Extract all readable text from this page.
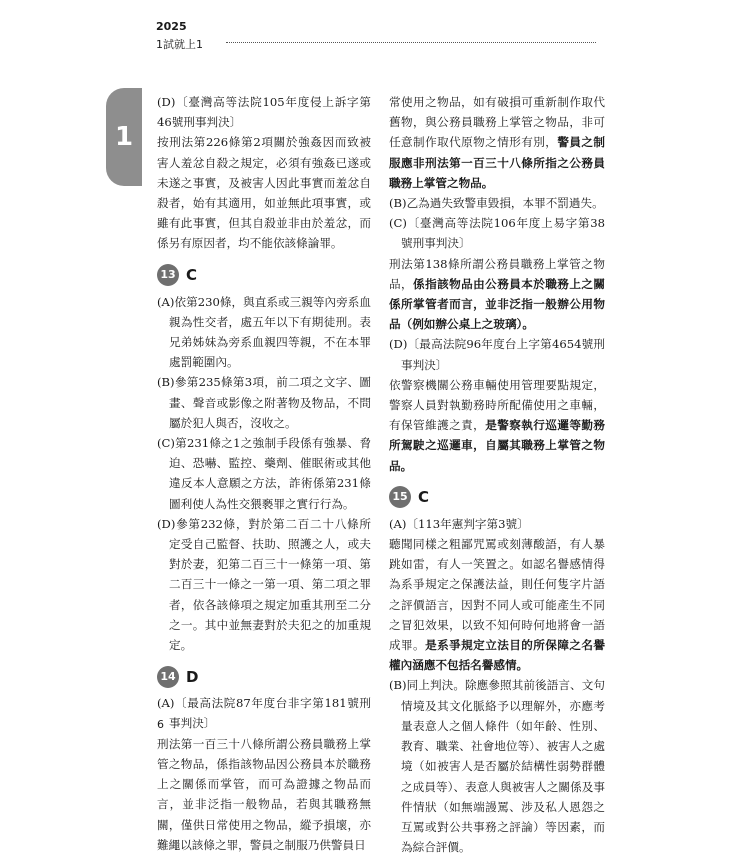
2025
1試就上1
1

(D)〔臺灣高等法院105年度侵上訴字第46號刑事判決〕

按刑法第226條第2項關於強姦因而致被害人羞忿自殺之規定，必須有強姦已遂或未遂之事實，及被害人因此事實而羞忿自殺者，始有其適用，如並無此項事實，或雖有此事實，但其自殺並非由於羞忿，而係另有原因者，均不能依該條論罪。

13 C

(A)依第230條，與直系或三親等內旁系血親為性交者，處五年以下有期徒刑。表兄弟姊妹為旁系血親四等親，不在本罪處罰範圍內。

(B)參第235條第3項，前二項之文字、圖畫、聲音或影像之附著物及物品，不問屬於犯人與否，沒收之。

(C)第231條之1之強制手段係有強暴、脅迫、恐嚇、監控、藥劑、催眠術或其他違反本人意願之方法，詐術係第231條圖利使人為性交猥褻罪之實行行為。

(D)參第232條，對於第二百二十八條所定受自己監督、扶助、照護之人，或夫對於妻，犯第二百三十一條第一項、第二百三十一條之一第一項、第二項之罪者，依各該條項之規定加重其刑至二分之一。其中並無妻對於夫犯之的加重規定。

14 D

(A)〔最高法院87年度台非字第181號刑事判決〕

刑法第一百三十八條所謂公務員職務上掌管之物品，係指該物品因公務員本於職務上之關係而掌管，而可為證據之物品而言，並非泛指一般物品，若與其職務無關，僅供日常使用之物品，縱予損壞，亦難繩以該條之罪，警員之制服乃供警員日

常使用之物品，如有破損可重新制作取代舊物，與公務員職務上掌管之物品，非可任意制作取代原物之情形有別，警員之制服應非刑法第一百三十八條所指之公務員職務上掌管之物品。

(B)乙為過失致警車毀損，本罪不罰過失。

(C)〔臺灣高等法院106年度上易字第38號刑事判決〕

刑法第138條所謂公務員職務上掌管之物品，係指該物品由公務員本於職務上之關係所掌管者而言，並非泛指一般辦公用物品（例如辦公桌上之玻璃）。

(D)〔最高法院96年度台上字第4654號刑事判決〕

依警察機關公務車輛使用管理要點規定，警察人員對執勤務時所配備使用之車輛，有保管維護之責，是警察執行巡邏等勤務所駕駛之巡邏車，自屬其職務上掌管之物品。

15 C

(A)〔113年憲判字第3號〕

聽聞同樣之粗鄙咒罵或刻薄酸語，有人暴跳如雷，有人一笑置之。如認名譽感情得為系爭規定之保護法益，則任何隻字片語之評價語言，因對不同人或可能產生不同之冒犯效果，以致不知何時何地將會一語成罪。是系爭規定立法目的所保障之名譽權內涵應不包括名譽感情。

(B)同上判決。除應參照其前後語言、文句情境及其文化脈絡予以理解外，亦應考量表意人之個人條件（如年齡、性別、教育、職業、社會地位等）、被害人之處境（如被害人是否屬於結構性弱勢群體之成員等）、表意人與被害人之關係及事件情狀（如無端謾罵、涉及私人恩怨之互罵或對公共事務之評論）等因素，而為綜合評價。

6
